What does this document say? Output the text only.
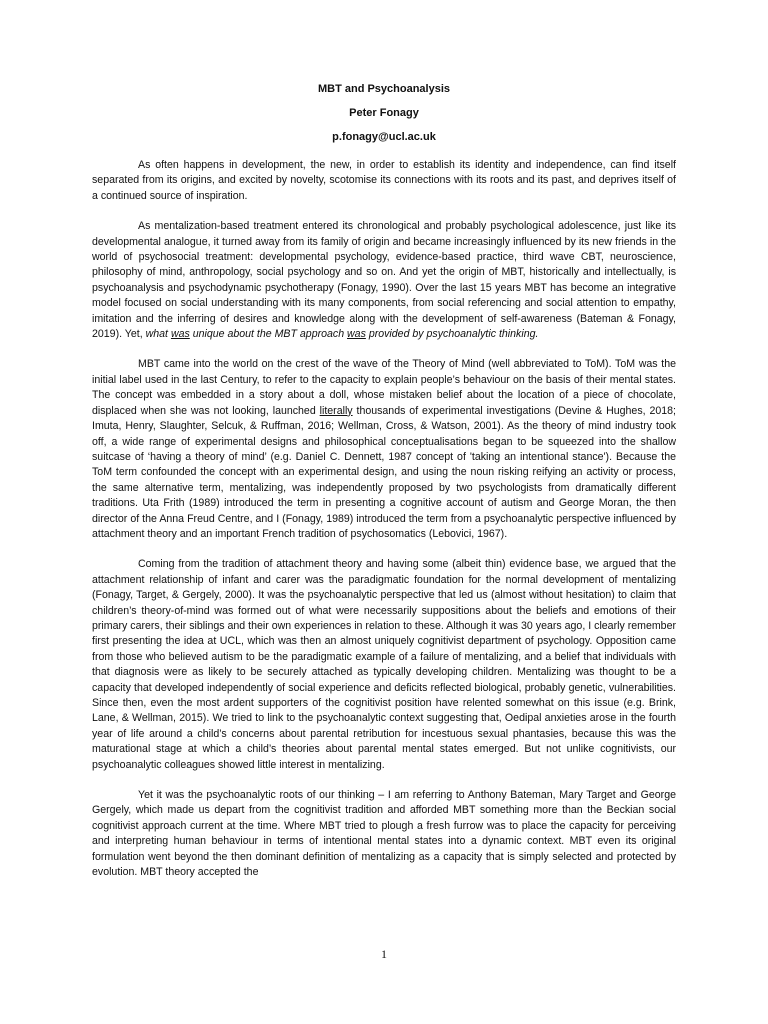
MBT and Psychoanalysis
Peter Fonagy
p.fonagy@ucl.ac.uk

As often happens in development, the new, in order to establish its identity and independence, can find itself separated from its origins, and excited by novelty, scotomise its connections with its roots and its past, and deprives itself of a continued source of inspiration.

As mentalization-based treatment entered its chronological and probably psychological adolescence, just like its developmental analogue, it turned away from its family of origin and became increasingly influenced by its new friends in the world of psychosocial treatment: developmental psychology, evidence-based practice, third wave CBT, neuroscience, philosophy of mind, anthropology, social psychology and so on. And yet the origin of MBT, historically and intellectually, is psychoanalysis and psychodynamic psychotherapy (Fonagy, 1990). Over the last 15 years MBT has become an integrative model focused on social understanding with its many components, from social referencing and social attention to empathy, imitation and the inferring of desires and knowledge along with the development of self-awareness (Bateman & Fonagy, 2019). Yet, what was unique about the MBT approach was provided by psychoanalytic thinking.

MBT came into the world on the crest of the wave of the Theory of Mind (well abbreviated to ToM). ToM was the initial label used in the last Century, to refer to the capacity to explain people’s behaviour on the basis of their mental states. The concept was embedded in a story about a doll, whose mistaken belief about the location of a piece of chocolate, displaced when she was not looking, launched literally thousands of experimental investigations (Devine & Hughes, 2018; Imuta, Henry, Slaughter, Selcuk, & Ruffman, 2016; Wellman, Cross, & Watson, 2001). As the theory of mind industry took off, a wide range of experimental designs and philosophical conceptualisations began to be squeezed into the shallow suitcase of ‘having a theory of mind’ (e.g. Daniel C. Dennett, 1987 concept of 'taking an intentional stance'). Because the ToM term confounded the concept with an experimental design, and using the noun risking reifying an activity or process, the same alternative term, mentalizing, was independently proposed by two psychologists from dramatically different traditions. Uta Frith (1989) introduced the term in presenting a cognitive account of autism and George Moran, the then director of the Anna Freud Centre, and I (Fonagy, 1989) introduced the term from a psychoanalytic perspective influenced by attachment theory and an important French tradition of psychosomatics (Lebovici, 1967).

Coming from the tradition of attachment theory and having some (albeit thin) evidence base, we argued that the attachment relationship of infant and carer was the paradigmatic foundation for the normal development of mentalizing (Fonagy, Target, & Gergely, 2000). It was the psychoanalytic perspective that led us (almost without hesitation) to claim that children’s theory-of-mind was formed out of what were necessarily suppositions about the beliefs and emotions of their primary carers, their siblings and their own experiences in relation to these. Although it was 30 years ago, I clearly remember first presenting the idea at UCL, which was then an almost uniquely cognitivist department of psychology. Opposition came from those who believed autism to be the paradigmatic example of a failure of mentalizing, and a belief that individuals with that diagnosis were as likely to be securely attached as typically developing children. Mentalizing was thought to be a capacity that developed independently of social experience and deficits reflected biological, probably genetic, vulnerabilities. Since then, even the most ardent supporters of the cognitivist position have relented somewhat on this issue (e.g. Brink, Lane, & Wellman, 2015). We tried to link to the psychoanalytic context suggesting that, Oedipal anxieties arose in the fourth year of life around a child’s concerns about parental retribution for incestuous sexual phantasies, because this was the maturational stage at which a child’s theories about parental mental states emerged. But not unlike cognitivists, our psychoanalytic colleagues showed little interest in mentalizing.

Yet it was the psychoanalytic roots of our thinking – I am referring to Anthony Bateman, Mary Target and George Gergely, which made us depart from the cognitivist tradition and afforded MBT something more than the Beckian social cognitivist approach current at the time. Where MBT tried to plough a fresh furrow was to place the capacity for perceiving and interpreting human behaviour in terms of intentional mental states into a dynamic context. MBT even its original formulation went beyond the then dominant definition of mentalizing as a capacity that is simply selected and protected by evolution. MBT theory accepted the

1
